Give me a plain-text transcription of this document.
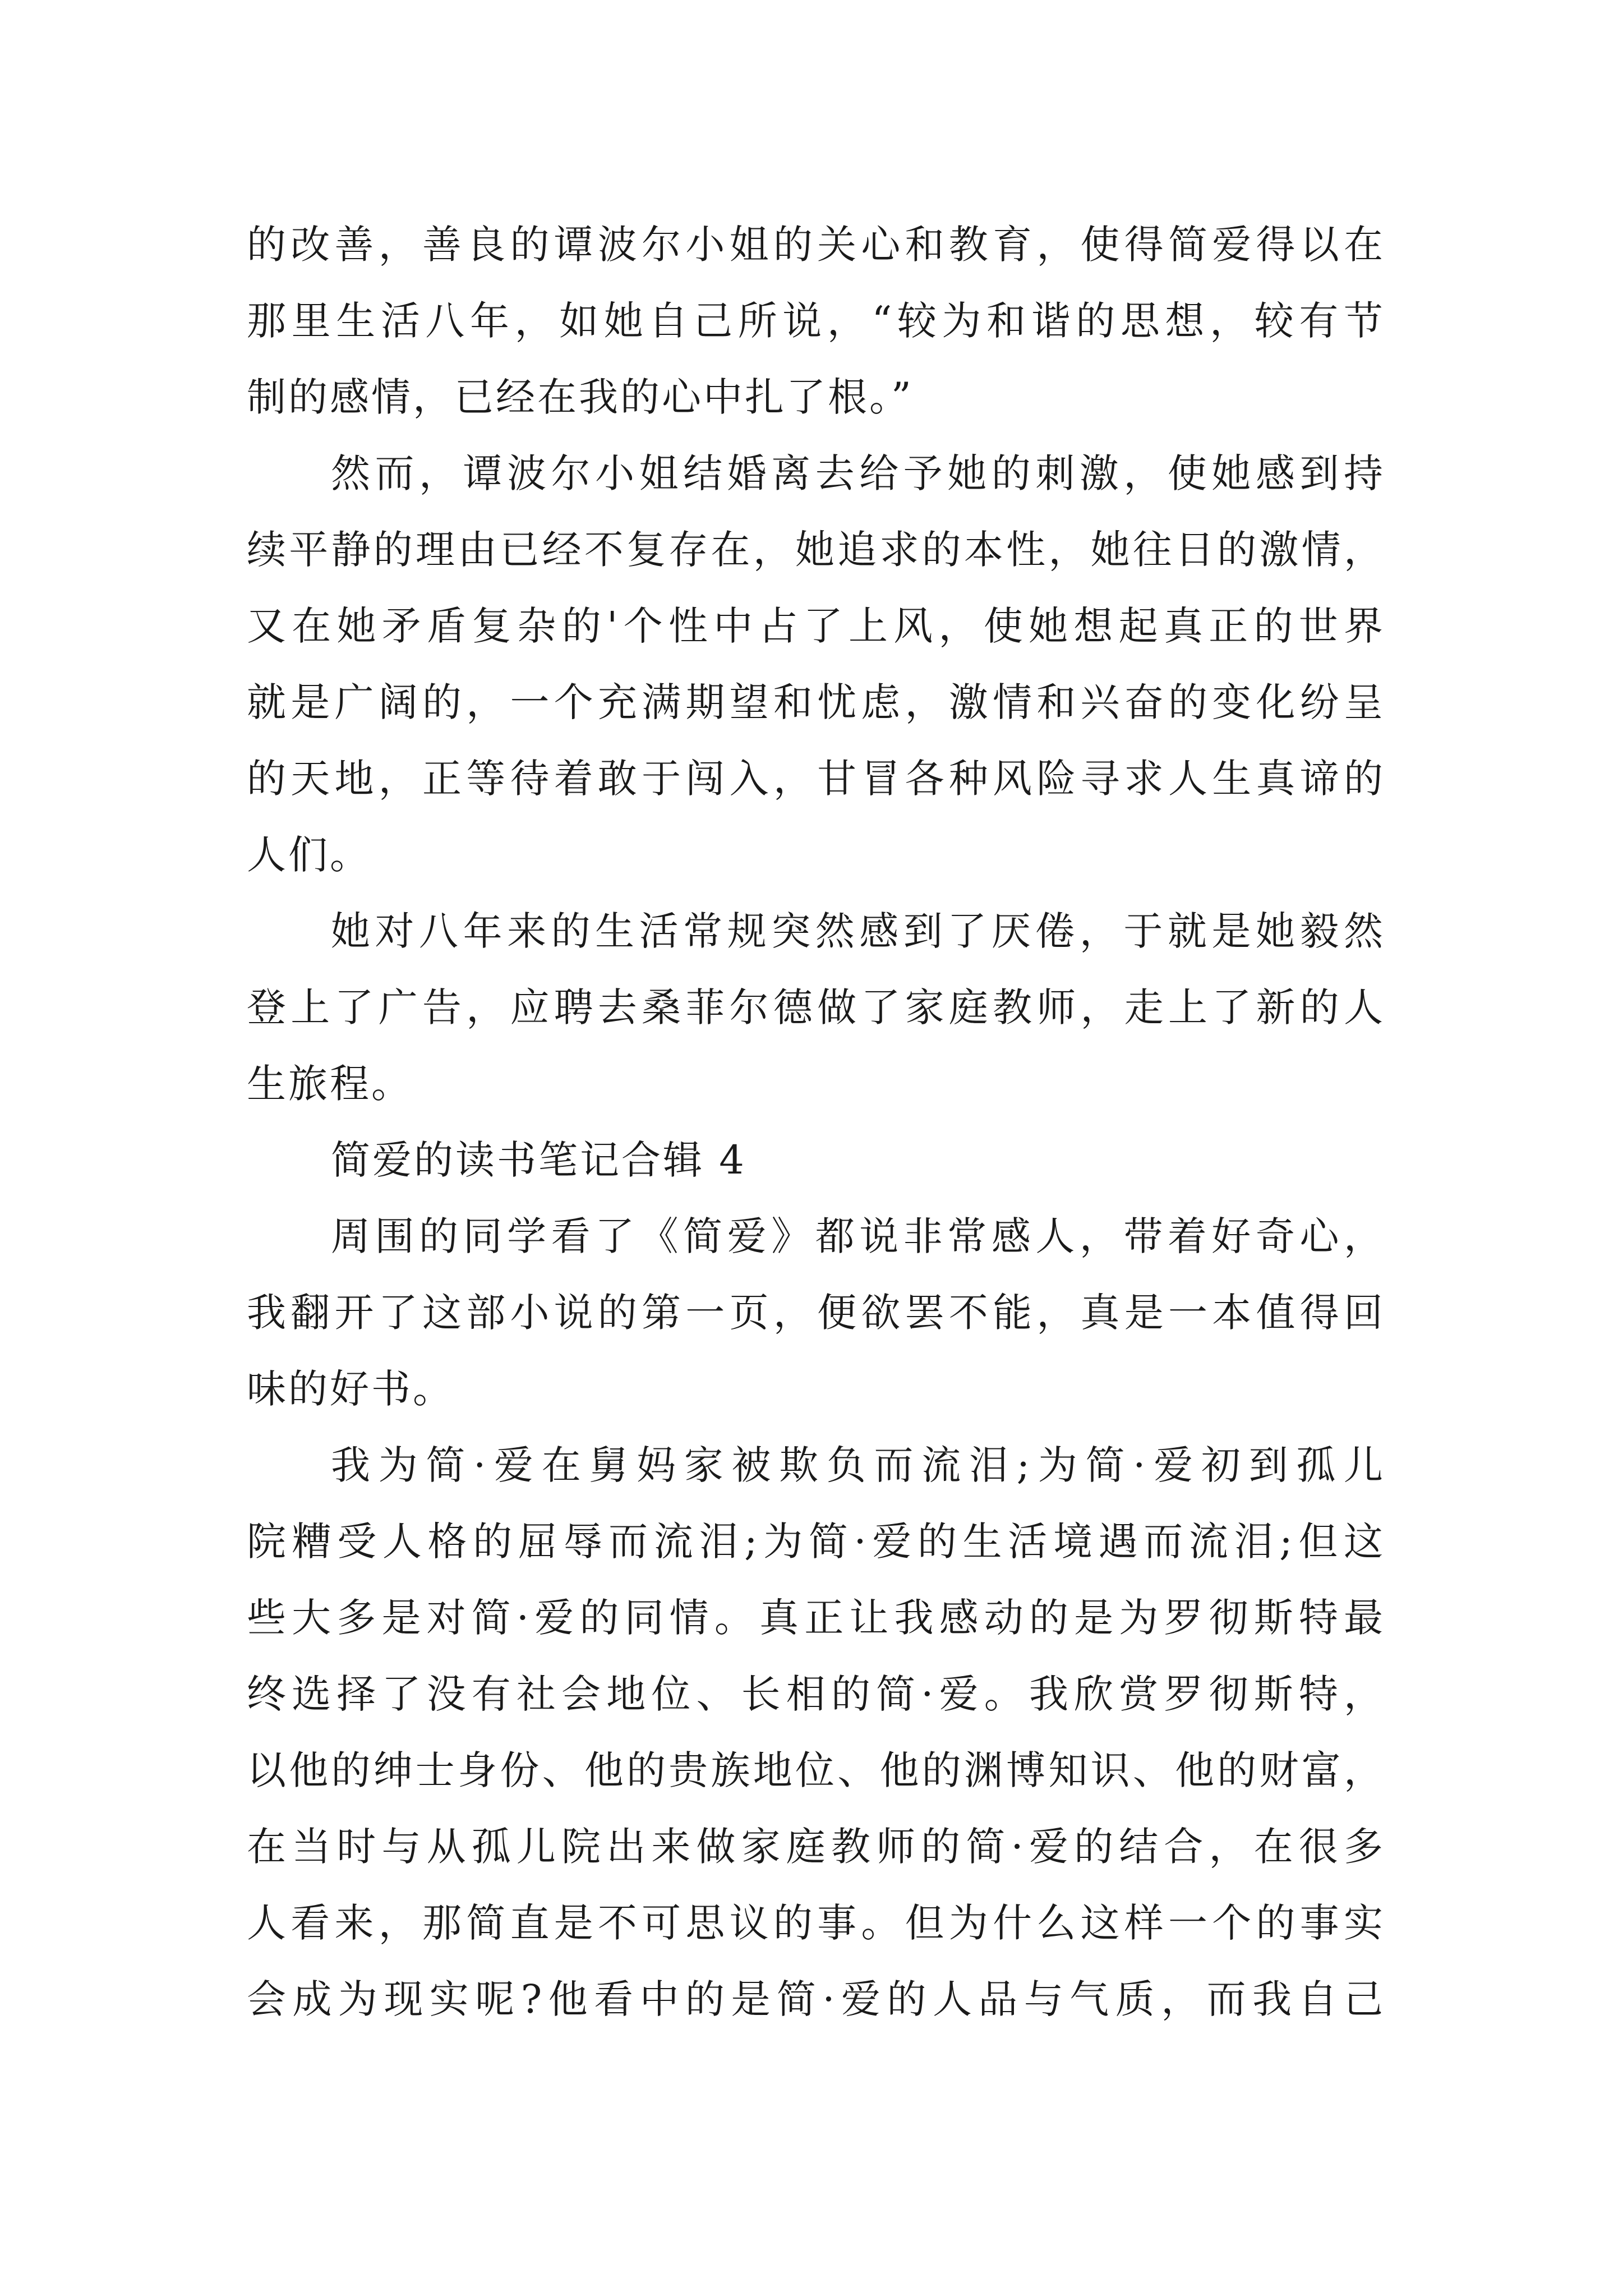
的改善，善良的谭波尔小姐的关心和教育，使得简爱得以在
那里生活八年，如她自己所说，“较为和谐的思想，较有节
制的感情，已经在我的心中扎了根。”
然而，谭波尔小姐结婚离去给予她的刺激，使她感到持
续平静的理由已经不复存在，她追求的本性，她往日的激情，
又在她矛盾复杂的'个性中占了上风，使她想起真正的世界
就是广阔的，一个充满期望和忧虑，激情和兴奋的变化纷呈
的天地，正等待着敢于闯入，甘冒各种风险寻求人生真谛的
人们。
她对八年来的生活常规突然感到了厌倦，于就是她毅然
登上了广告，应聘去桑菲尔德做了家庭教师，走上了新的人
生旅程。
简爱的读书笔记合辑 4
周围的同学看了《简爱》都说非常感人，带着好奇心，
我翻开了这部小说的第一页，便欲罢不能，真是一本值得回
味的好书。
我为简·爱在舅妈家被欺负而流泪;为简·爱初到孤儿
院糟受人格的屈辱而流泪;为简·爱的生活境遇而流泪;但这
些大多是对简·爱的同情。真正让我感动的是为罗彻斯特最
终选择了没有社会地位、长相的简·爱。我欣赏罗彻斯特，
以他的绅士身份、他的贵族地位、他的渊博知识、他的财富，
在当时与从孤儿院出来做家庭教师的简·爱的结合，在很多
人看来，那简直是不可思议的事。但为什么这样一个的事实
会成为现实呢?他看中的是简·爱的人品与气质，而我自己
